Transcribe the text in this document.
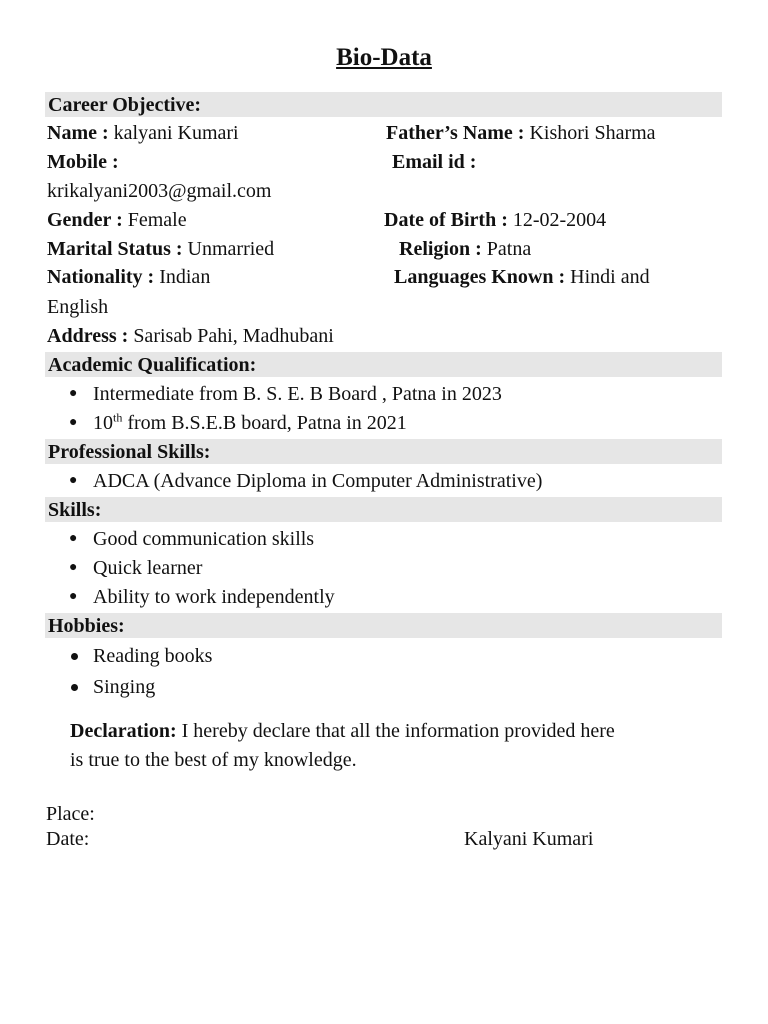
Bio-Data
Career Objective:
Name : kalyani Kumari	Father’s Name : Kishori Sharma
Mobile :	Email id :
krikalyani2003@gmail.com
Gender : Female	Date of Birth : 12-02-2004
Marital Status : Unmarried	Religion : Patna
Nationality : Indian	Languages Known : Hindi and
English
Address : Sarisab Pahi, Madhubani
Academic Qualification:
● Intermediate from B. S. E. B Board , Patna in 2023
● 10th from B.S.E.B board, Patna in 2021
Professional Skills:
● ADCA (Advance Diploma in Computer Administrative)
Skills:
● Good communication skills
● Quick learner
● Ability to work independently
Hobbies:
Reading books
Singing
Declaration: I hereby declare that all the information provided here
is true to the best of my knowledge.
Place:
Date:	Kalyani Kumari
